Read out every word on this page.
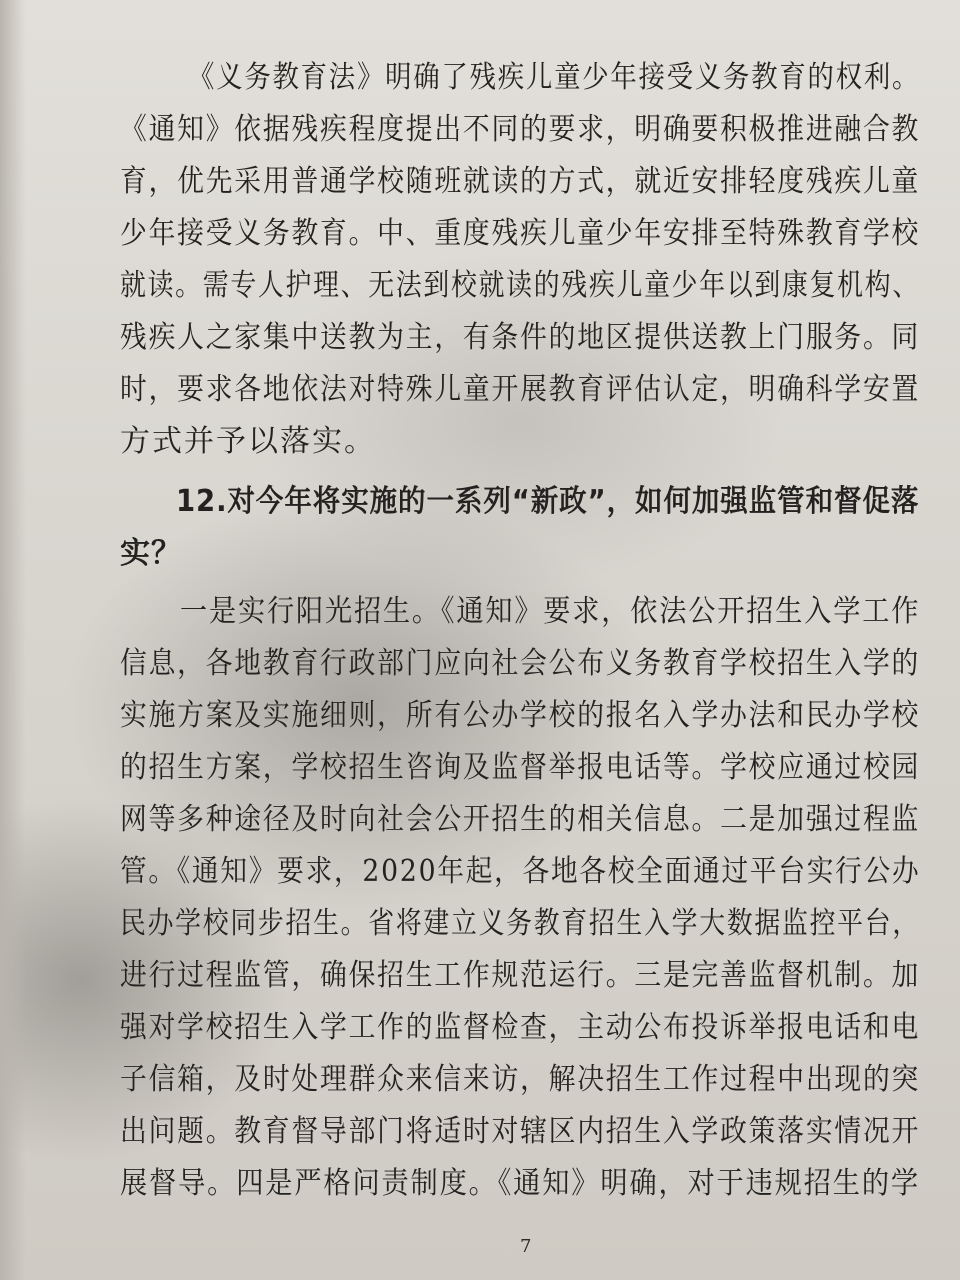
《义务教育法》明确了残疾儿童少年接受义务教育的权利。
《通知》依据残疾程度提出不同的要求，明确要积极推进融合教
育，优先采用普通学校随班就读的方式，就近安排轻度残疾儿童
少年接受义务教育。中、重度残疾儿童少年安排至特殊教育学校
就读。需专人护理、无法到校就读的残疾儿童少年以到康复机构、
残疾人之家集中送教为主，有条件的地区提供送教上门服务。同
时，要求各地依法对特殊儿童开展教育评估认定，明确科学安置
方式并予以落实。
12.对今年将实施的一系列“新政”，如何加强监管和督促落
实？
一是实行阳光招生。《通知》要求，依法公开招生入学工作
信息，各地教育行政部门应向社会公布义务教育学校招生入学的
实施方案及实施细则，所有公办学校的报名入学办法和民办学校
的招生方案，学校招生咨询及监督举报电话等。学校应通过校园
网等多种途径及时向社会公开招生的相关信息。二是加强过程监
管。《通知》要求，2020年起，各地各校全面通过平台实行公办
民办学校同步招生。省将建立义务教育招生入学大数据监控平台，
进行过程监管，确保招生工作规范运行。三是完善监督机制。加
强对学校招生入学工作的监督检查，主动公布投诉举报电话和电
子信箱，及时处理群众来信来访，解决招生工作过程中出现的突
出问题。教育督导部门将适时对辖区内招生入学政策落实情况开
展督导。四是严格问责制度。《通知》明确，对于违规招生的学
7
